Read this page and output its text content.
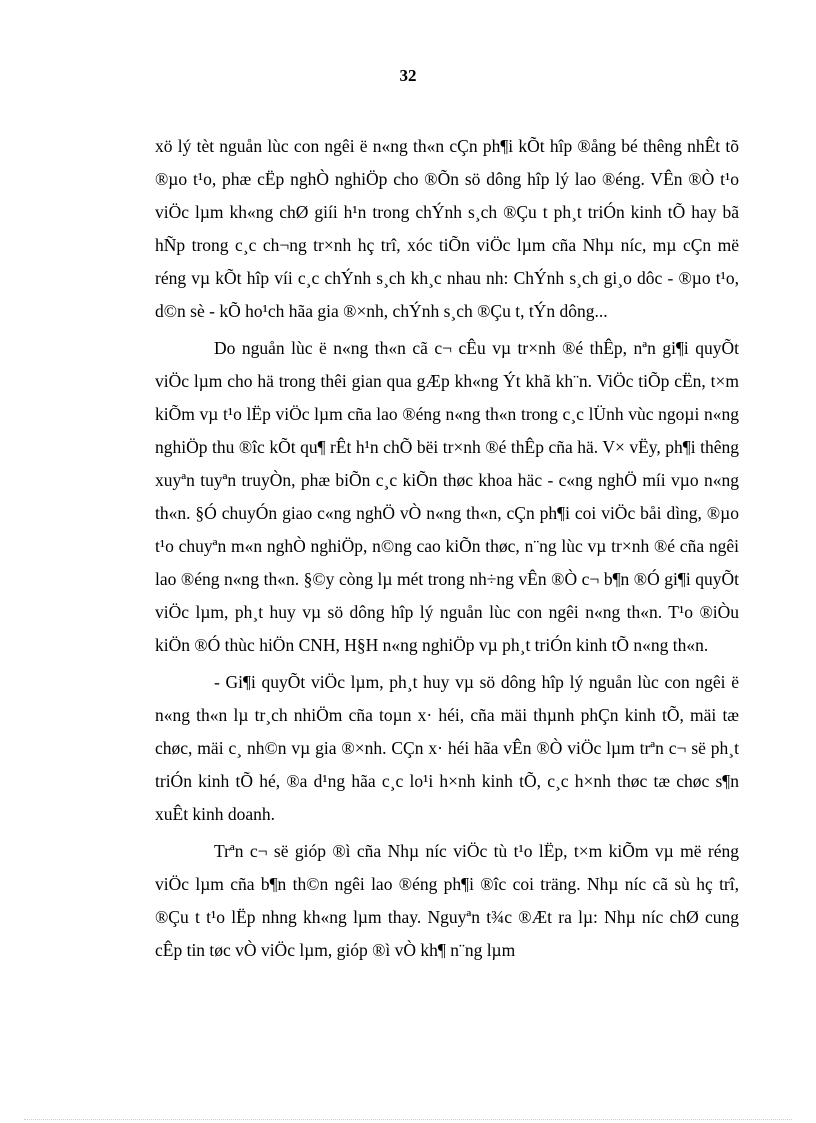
32

xö lý tèt nguån lùc con ngêi ë n«ng th«n cÇn ph¶i kÕt hîp ®ång bé thêng nhÊt tõ ®µo t¹o, phæ cËp nghÒ nghiÖp cho ®Õn sö dông hîp lý lao ®éng. VÊn ®Ò t¹o viÖc lµm kh«ng chØ giíi h¹n trong chÝnh s¸ch ®Çu t ph¸t triÓn kinh tÕ hay bã hÑp trong c¸c ch¬ng tr×nh hç trî, xóc tiÕn viÖc lµm cña Nhµ níc, mµ cÇn më réng vµ kÕt hîp víi c¸c chÝnh s¸ch kh¸c nhau nh: ChÝnh s¸ch gi¸o dôc - ®µo t¹o, d©n sè - kÕ ho¹ch hãa gia ®×nh, chÝnh s¸ch ®Çu t, tÝn dông...

Do nguån lùc ë n«ng th«n cã c¬ cÊu vµ tr×nh ®é thÊp, nªn gi¶i quyÕt viÖc lµm cho hä trong thêi gian qua gÆp kh«ng Ýt khã kh¨n. ViÖc tiÕp cËn, t×m kiÕm vµ t¹o lËp viÖc lµm cña lao ®éng n«ng th«n trong c¸c lÜnh vùc ngoµi n«ng nghiÖp thu ®îc kÕt qu¶ rÊt h¹n chÕ bëi tr×nh ®é thÊp cña hä. V× vËy, ph¶i thêng xuyªn tuyªn truyÒn, phæ biÕn c¸c kiÕn thøc khoa häc - c«ng nghÖ míi vµo n«ng th«n. §Ó chuyÓn giao c«ng nghÖ vÒ n«ng th«n, cÇn ph¶i coi viÖc båi dìng, ®µo t¹o chuyªn m«n nghÒ nghiÖp, n©ng cao kiÕn thøc, n¨ng lùc vµ tr×nh ®é cña ngêi lao ®éng n«ng th«n. §©y còng lµ mét trong nh÷ng vÊn ®Ò c¬ b¶n ®Ó gi¶i quyÕt viÖc lµm, ph¸t huy vµ sö dông hîp lý nguån lùc con ngêi n«ng th«n. T¹o ®iÒu kiÖn ®Ó thùc hiÖn CNH, H§H n«ng nghiÖp vµ ph¸t triÓn kinh tÕ n«ng th«n.

- Gi¶i quyÕt viÖc lµm, ph¸t huy vµ sö dông hîp lý nguån lùc con ngêi ë n«ng th«n lµ tr¸ch nhiÖm cña toµn x· héi, cña mäi thµnh phÇn kinh tÕ, mäi tæ chøc, mäi c¸ nh©n vµ gia ®×nh. CÇn x· héi hãa vÊn ®Ò viÖc lµm trªn c¬ së ph¸t triÓn kinh tÕ hé, ®a d¹ng hãa c¸c lo¹i h×nh kinh tÕ, c¸c h×nh thøc tæ chøc s¶n xuÊt kinh doanh.

Trªn c¬ së gióp ®ì cña Nhµ níc viÖc tù t¹o lËp, t×m kiÕm vµ më réng viÖc lµm cña b¶n th©n ngêi lao ®éng ph¶i ®îc coi träng. Nhµ níc cã sù hç trî, ®Çu t t¹o lËp nhng kh«ng lµm thay. Nguyªn t¾c ®Æt ra lµ: Nhµ níc chØ cung cÊp tin tøc vÒ viÖc lµm, gióp ®ì vÒ kh¶ n¨ng lµm
